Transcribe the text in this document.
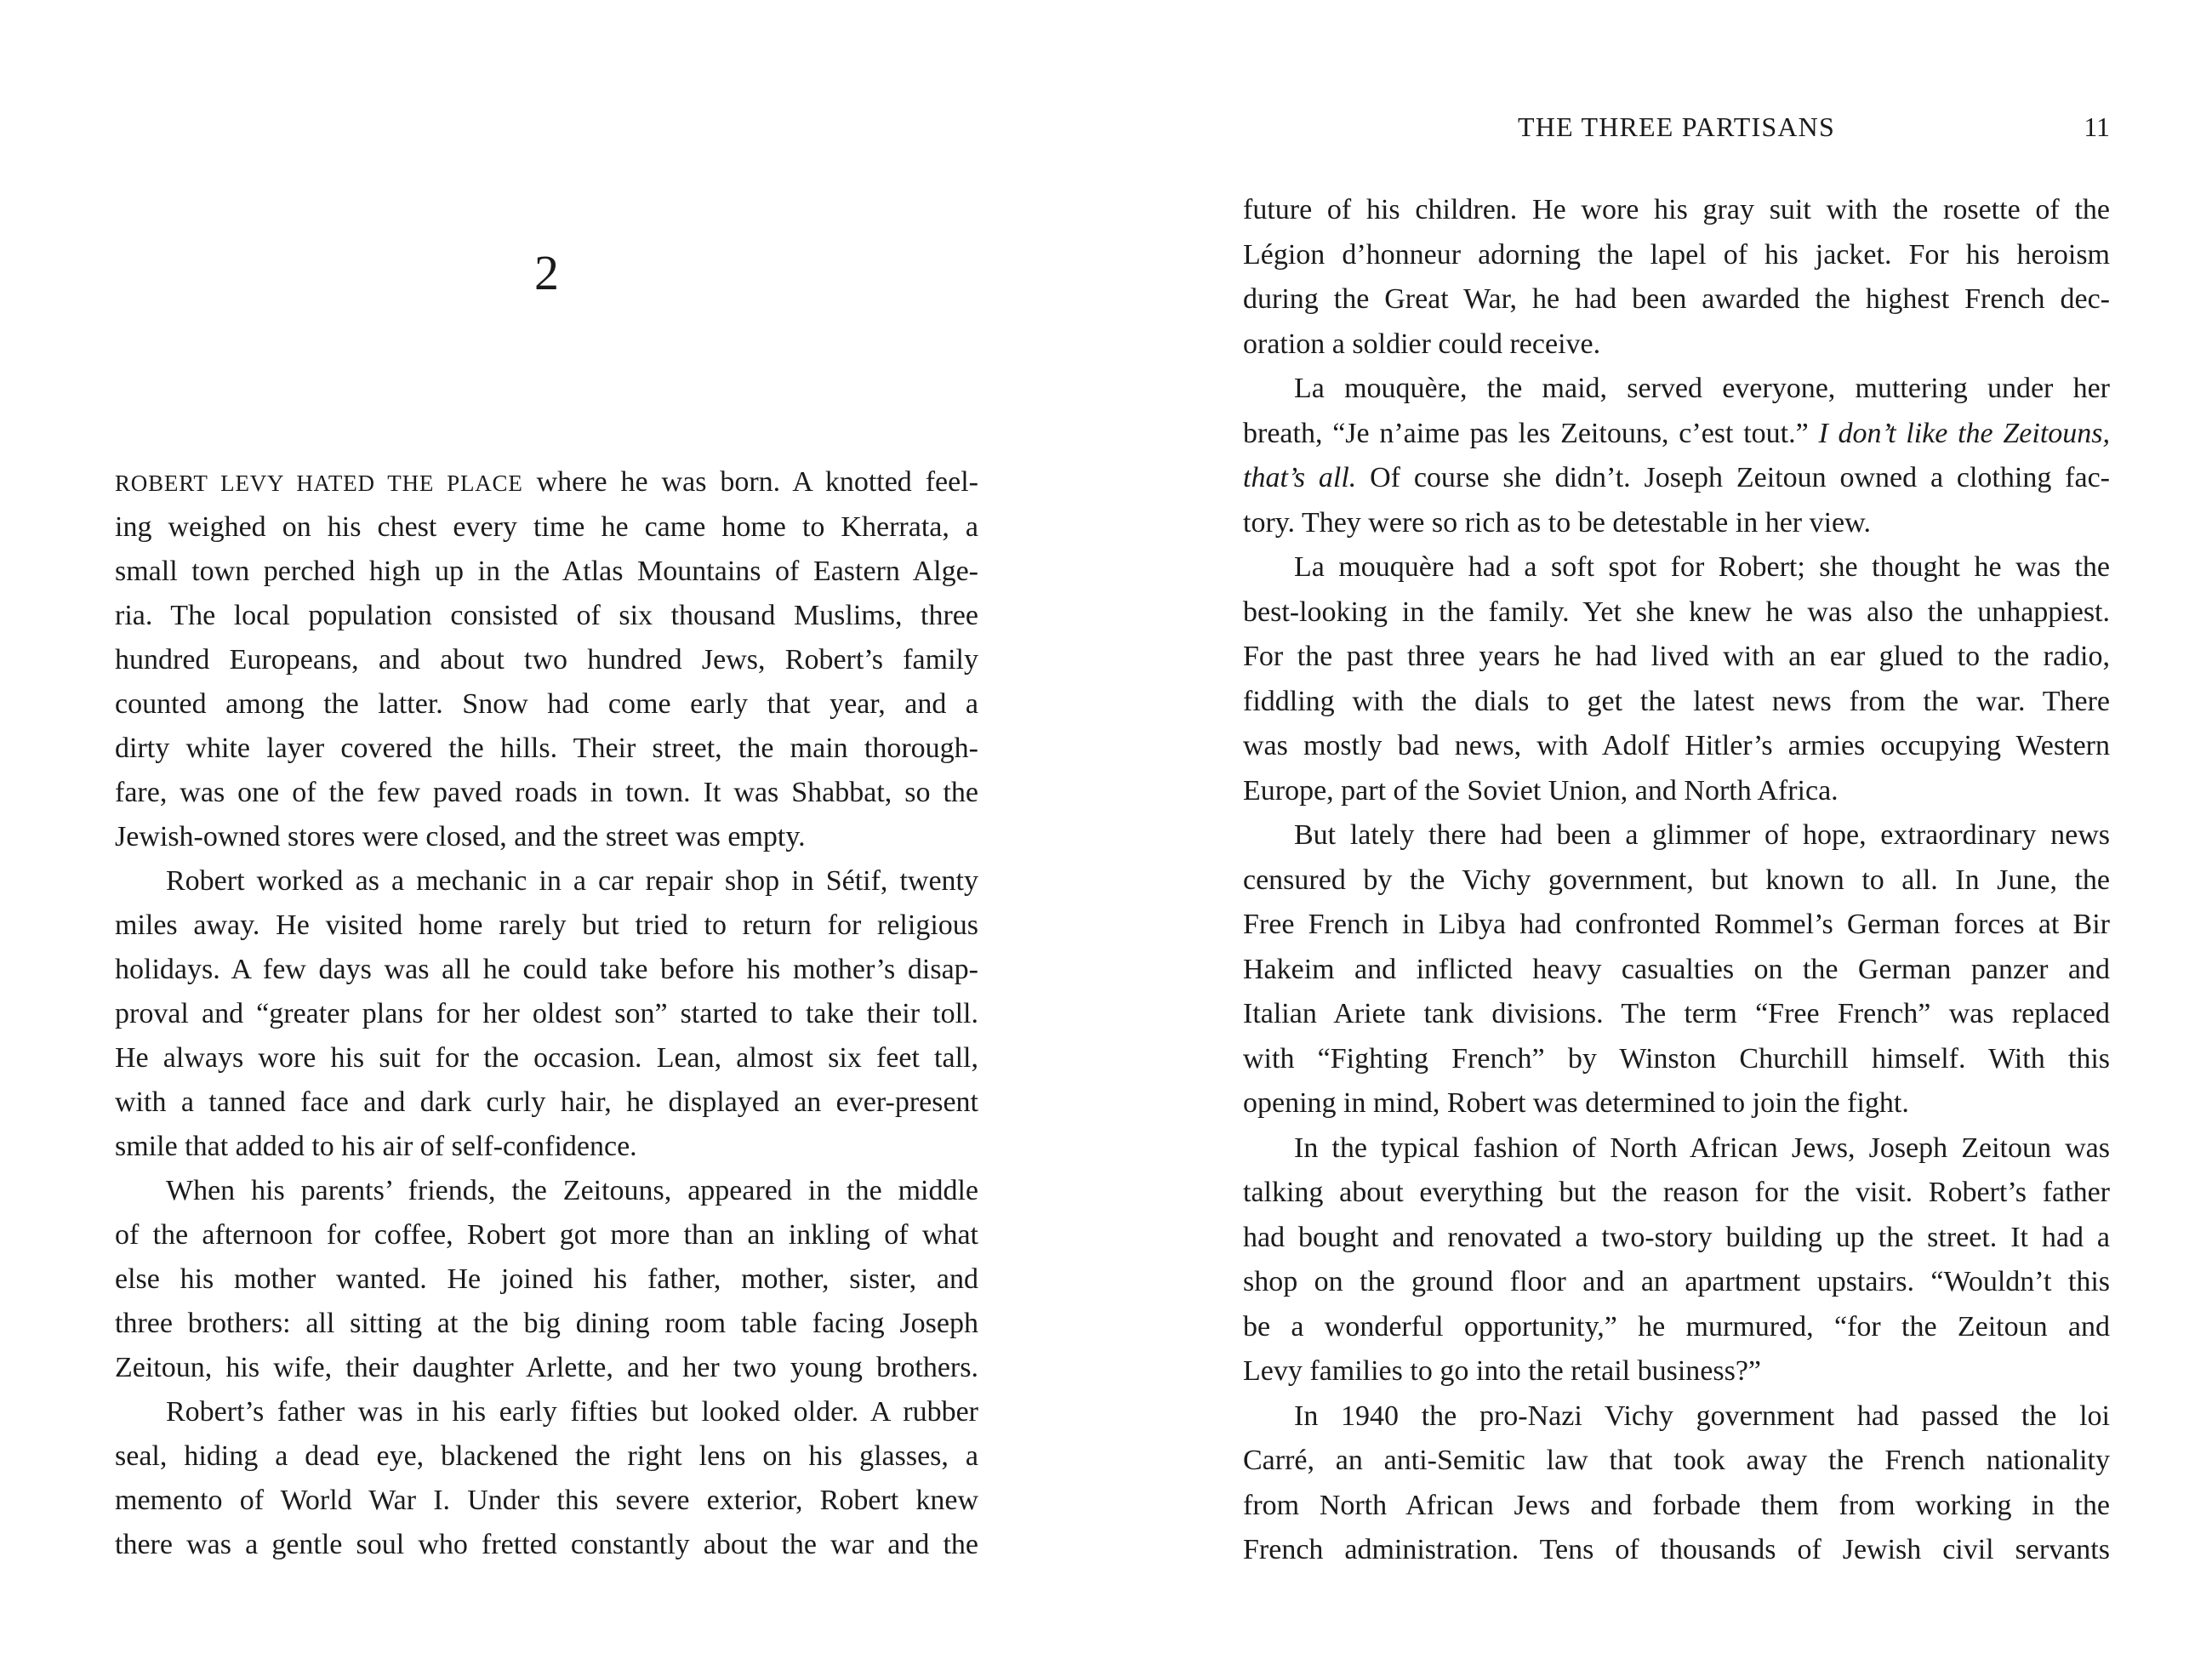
2
ROBERT LEVY HATED THE PLACE where he was born. A knotted feel-
ing weighed on his chest every time he came home to Kherrata, a
small town perched high up in the Atlas Mountains of Eastern Alge-
ria. The local population consisted of six thousand Muslims, three
hundred Europeans, and about two hundred Jews, Robert’s family
counted among the latter. Snow had come early that year, and a
dirty white layer covered the hills. Their street, the main thorough-
fare, was one of the few paved roads in town. It was Shabbat, so the
Jewish-owned stores were closed, and the street was empty.
Robert worked as a mechanic in a car repair shop in Sétif, twenty
miles away. He visited home rarely but tried to return for religious
holidays. A few days was all he could take before his mother’s disap-
proval and “greater plans for her oldest son” started to take their toll.
He always wore his suit for the occasion. Lean, almost six feet tall,
with a tanned face and dark curly hair, he displayed an ever-present
smile that added to his air of self-confidence.
When his parents’ friends, the Zeitouns, appeared in the middle
of the afternoon for coffee, Robert got more than an inkling of what
else his mother wanted. He joined his father, mother, sister, and
three brothers: all sitting at the big dining room table facing Joseph
Zeitoun, his wife, their daughter Arlette, and her two young brothers.
Robert’s father was in his early fifties but looked older. A rubber
seal, hiding a dead eye, blackened the right lens on his glasses, a
memento of World War I. Under this severe exterior, Robert knew
there was a gentle soul who fretted constantly about the war and the
11
THE THREE PARTISANS
future of his children. He wore his gray suit with the rosette of the
Légion d’honneur adorning the lapel of his jacket. For his heroism
during the Great War, he had been awarded the highest French dec-
oration a soldier could receive.
La mouquère, the maid, served everyone, muttering under her
breath, “Je n’aime pas les Zeitouns, c’est tout.” I don’t like the Zeitouns,
that’s all. Of course she didn’t. Joseph Zeitoun owned a clothing fac-
tory. They were so rich as to be detestable in her view.
La mouquère had a soft spot for Robert; she thought he was the
best-looking in the family. Yet she knew he was also the unhappiest.
For the past three years he had lived with an ear glued to the radio,
fiddling with the dials to get the latest news from the war. There
was mostly bad news, with Adolf Hitler’s armies occupying Western
Europe, part of the Soviet Union, and North Africa.
But lately there had been a glimmer of hope, extraordinary news
censured by the Vichy government, but known to all. In June, the
Free French in Libya had confronted Rommel’s German forces at Bir
Hakeim and inflicted heavy casualties on the German panzer and
Italian Ariete tank divisions. The term “Free French” was replaced
with “Fighting French” by Winston Churchill himself. With this
opening in mind, Robert was determined to join the fight.
In the typical fashion of North African Jews, Joseph Zeitoun was
talking about everything but the reason for the visit. Robert’s father
had bought and renovated a two-story building up the street. It had a
shop on the ground floor and an apartment upstairs. “Wouldn’t this
be a wonderful opportunity,” he murmured, “for the Zeitoun and
Levy families to go into the retail business?”
In 1940 the pro-Nazi Vichy government had passed the loi
Carré, an anti-Semitic law that took away the French nationality
from North African Jews and forbade them from working in the
French administration. Tens of thousands of Jewish civil servants
